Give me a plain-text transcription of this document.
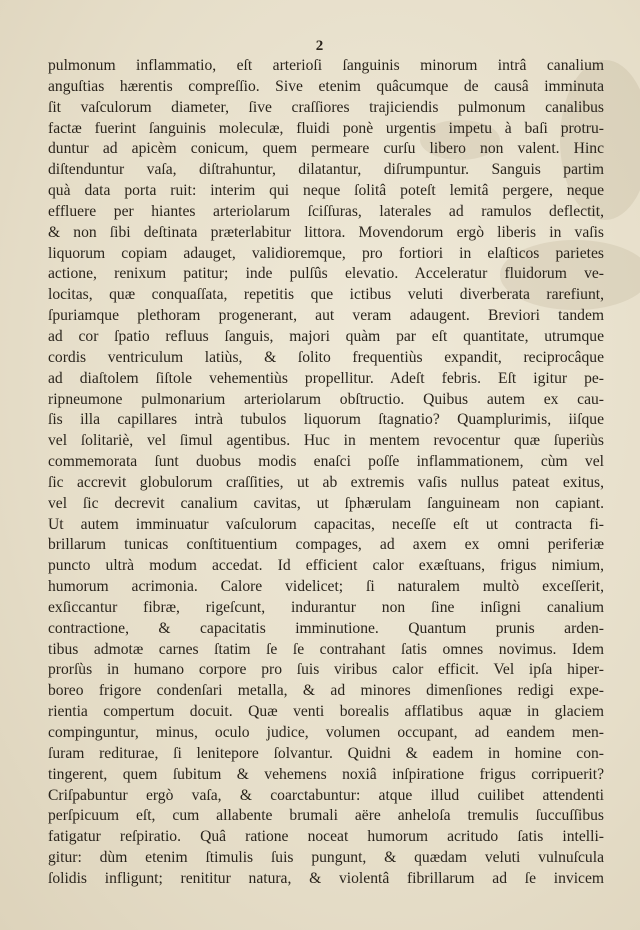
2
pulmonum inflammatio, eſt arterioſi ſanguinis minorum intrâ canalium
anguſtias hærentis compreſſio. Sive etenim quâcumque de causâ imminuta
ſit vaſculorum diameter, ſive craſſiores trajiciendis pulmonum canalibus
factæ fuerint ſanguinis moleculæ, fluidi ponè urgentis impetu à baſi protru-
duntur ad apicèm conicum, quem permeare curſu libero non valent. Hinc
diſtenduntur vaſa, diſtrahuntur, dilatantur, diſrumpuntur. Sanguis partim
quà data porta ruit: interim qui neque ſolitâ poteſt lemitâ pergere, neque
effluere per hiantes arteriolarum ſciſſuras, laterales ad ramulos deflectit,
& non ſibi deſtinata præterlabitur littora. Movendorum ergò liberis in vaſis
liquorum copiam adauget, validioremque, pro fortiori in elaſticos parietes
actione, renixum patitur; inde pulſûs elevatio. Acceleratur fluidorum ve-
locitas, quæ conquaſſata, repetitis que ictibus veluti diverberata rarefiunt,
ſpuriamque plethoram progenerant, aut veram adaugent. Breviori tandem
ad cor ſpatio refluus ſanguis, majori quàm par eſt quantitate, utrumque
cordis ventriculum latiùs, & ſolito frequentiùs expandit, reciprocâque
ad diaſtolem ſiſtole vehementiùs propellitur. Adeſt febris. Eſt igitur pe-
ripneumone pulmonarium arteriolarum obſtructio. Quibus autem ex cau-
ſis illa capillares intrà tubulos liquorum ſtagnatio? Quamplurimis, iiſque
vel ſolitariè, vel ſimul agentibus. Huc in mentem revocentur quæ ſuperiùs
commemorata ſunt duobus modis enaſci poſſe inflammationem, cùm vel
ſic accrevit globulorum craſſities, ut ab extremis vaſis nullus pateat exitus,
vel ſic decrevit canalium cavitas, ut ſphærulam ſanguineam non capiant.
Ut autem imminuatur vaſculorum capacitas, neceſſe eſt ut contracta fi-
brillarum tunicas conſtituentium compages, ad axem ex omni periferiæ
puncto ultrà modum accedat. Id efficient calor exæſtuans, frigus nimium,
humorum acrimonia. Calore videlicet; ſi naturalem multò exceſſerit,
exſiccantur fibræ, rigeſcunt, indurantur non ſine inſigni canalium
contractione, & capacitatis imminutione. Quantum prunis arden-
tibus admotæ carnes ſtatim ſe ſe contrahant ſatis omnes novimus. Idem
prorſùs in humano corpore pro ſuis viribus calor efficit. Vel ipſa hiper-
boreo frigore condenſari metalla, & ad minores dimenſiones redigi expe-
rientia compertum docuit. Quæ venti borealis afflatibus aquæ in glaciem
compinguntur, minus, oculo judice, volumen occupant, ad eandem men-
ſuram rediturae, ſi lenitepore ſolvantur. Quidni & eadem in homine con-
tingerent, quem ſubitum & vehemens noxiâ inſpiratione frigus corripuerit?
Criſpabuntur ergò vaſa, & coarctabuntur: atque illud cuilibet attendenti
perſpicuum eſt, cum allabente brumali aëre anheloſa tremulis ſuccuſſibus
fatigatur reſpiratio. Quâ ratione noceat humorum acritudo ſatis intelli-
gitur: dùm etenim ſtimulis ſuis pungunt, & quædam veluti vulnuſcula
ſolidis infligunt; renititur natura, & violentâ fibrillarum ad ſe invicem
